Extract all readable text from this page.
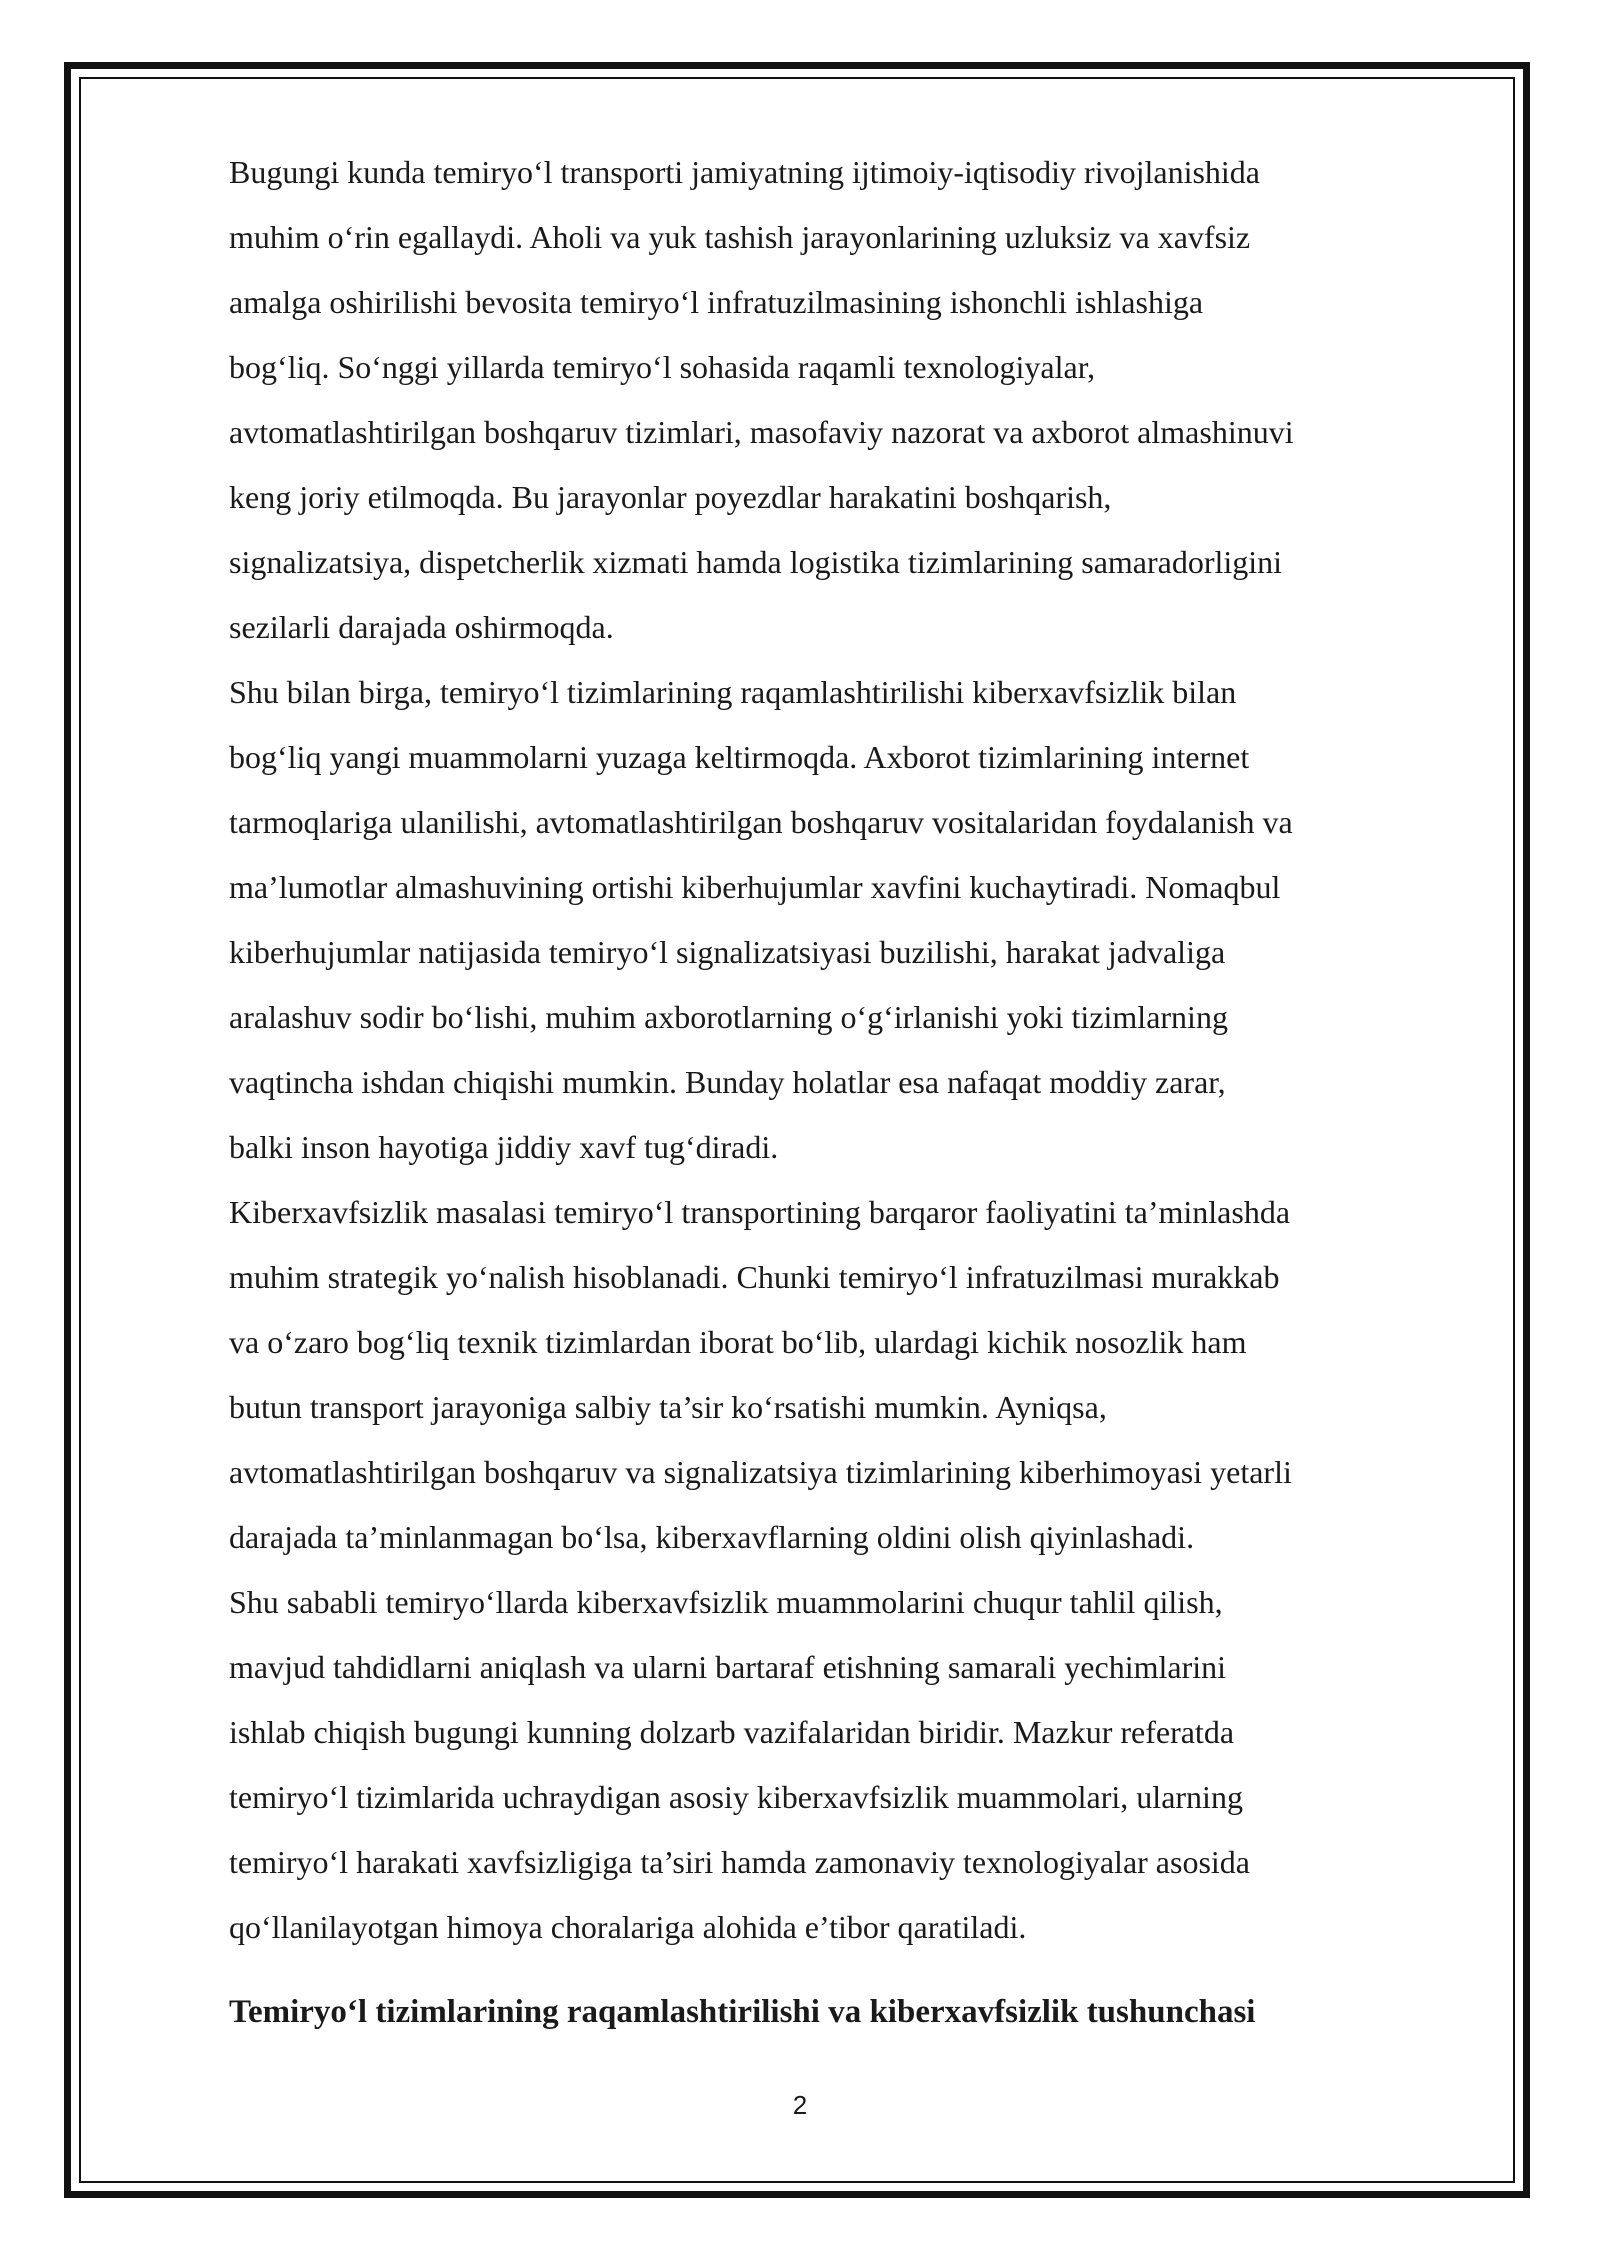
Bugungi kunda temiryo‘l transporti jamiyatning ijtimoiy-iqtisodiy rivojlanishida
muhim o‘rin egallaydi. Aholi va yuk tashish jarayonlarining uzluksiz va xavfsiz
amalga oshirilishi bevosita temiryo‘l infratuzilmasining ishonchli ishlashiga
bog‘liq. So‘nggi yillarda temiryo‘l sohasida raqamli texnologiyalar,
avtomatlashtirilgan boshqaruv tizimlari, masofaviy nazorat va axborot almashinuvi
keng joriy etilmoqda. Bu jarayonlar poyezdlar harakatini boshqarish,
signalizatsiya, dispetcherlik xizmati hamda logistika tizimlarining samaradorligini
sezilarli darajada oshirmoqda.

Shu bilan birga, temiryo‘l tizimlarining raqamlashtirilishi kiberxavfsizlik bilan
bog‘liq yangi muammolarni yuzaga keltirmoqda. Axborot tizimlarining internet
tarmoqlariga ulanilishi, avtomatlashtirilgan boshqaruv vositalaridan foydalanish va
ma’lumotlar almashuvining ortishi kiberhujumlar xavfini kuchaytiradi. Nomaqbul
kiberhujumlar natijasida temiryo‘l signalizatsiyasi buzilishi, harakat jadvaliga
aralashuv sodir bo‘lishi, muhim axborotlarning o‘g‘irlanishi yoki tizimlarning
vaqtincha ishdan chiqishi mumkin. Bunday holatlar esa nafaqat moddiy zarar,
balki inson hayotiga jiddiy xavf tug‘diradi.

Kiberxavfsizlik masalasi temiryo‘l transportining barqaror faoliyatini ta’minlashda
muhim strategik yo‘nalish hisoblanadi. Chunki temiryo‘l infratuzilmasi murakkab
va o‘zaro bog‘liq texnik tizimlardan iborat bo‘lib, ulardagi kichik nosozlik ham
butun transport jarayoniga salbiy ta’sir ko‘rsatishi mumkin. Ayniqsa,
avtomatlashtirilgan boshqaruv va signalizatsiya tizimlarining kiberhimoyasi yetarli
darajada ta’minlanmagan bo‘lsa, kiberxavflarning oldini olish qiyinlashadi.

Shu sababli temiryo‘llarda kiberxavfsizlik muammolarini chuqur tahlil qilish,
mavjud tahdidlarni aniqlash va ularni bartaraf etishning samarali yechimlarini
ishlab chiqish bugungi kunning dolzarb vazifalaridan biridir. Mazkur referatda
temiryo‘l tizimlarida uchraydigan asosiy kiberxavfsizlik muammolari, ularning
temiryo‘l harakati xavfsizligiga ta’siri hamda zamonaviy texnologiyalar asosida
qo‘llanilayotgan himoya choralariga alohida e’tibor qaratiladi.

Temiryo‘l tizimlarining raqamlashtirilishi va kiberxavfsizlik tushunchasi
2
